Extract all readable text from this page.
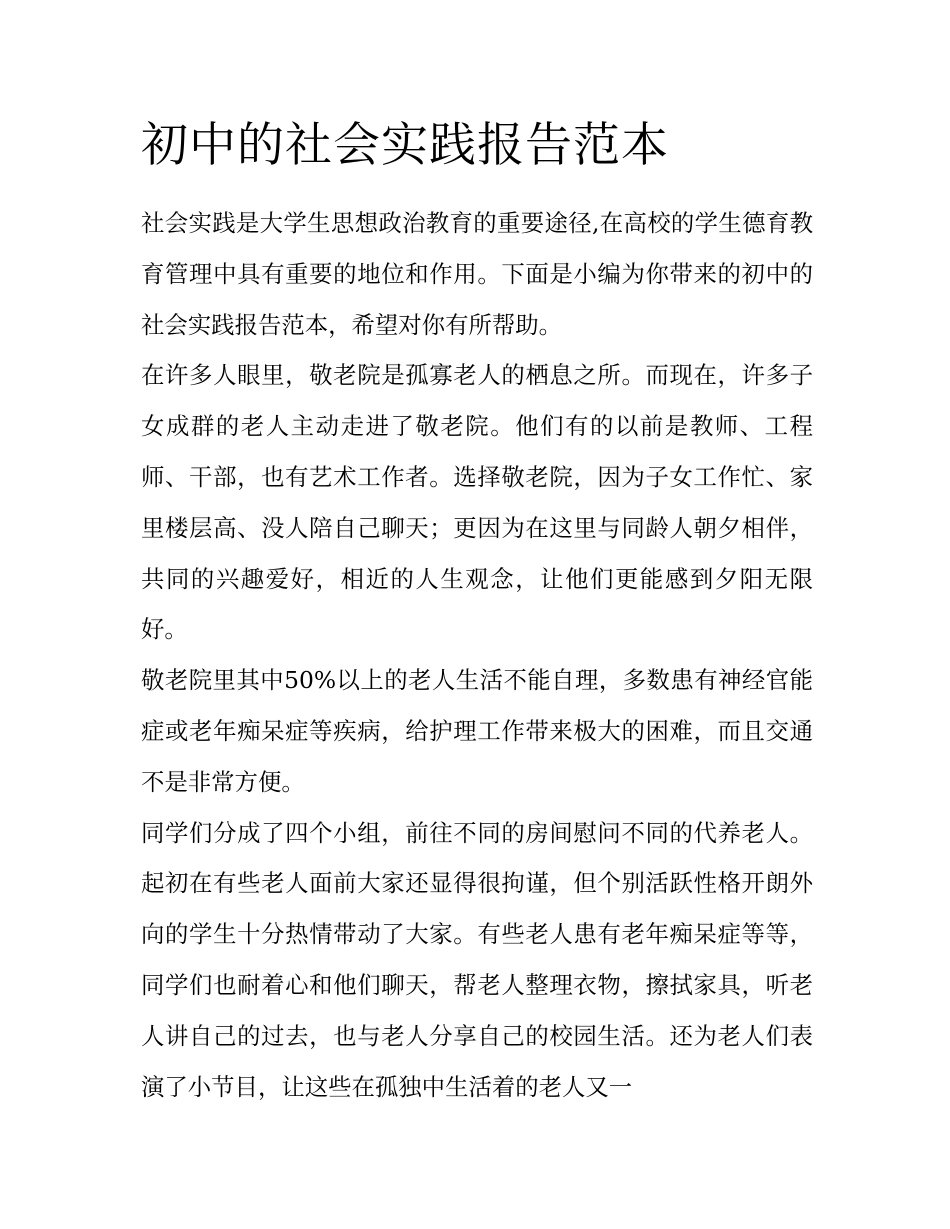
初中的社会实践报告范本

社会实践是大学生思想政治教育的重要途径,在高校的学生德育教育管理中具有重要的地位和作用。下面是小编为你带来的初中的社会实践报告范本，希望对你有所帮助。

在许多人眼里，敬老院是孤寡老人的栖息之所。而现在，许多子女成群的老人主动走进了敬老院。他们有的以前是教师、工程师、干部，也有艺术工作者。选择敬老院，因为子女工作忙、家里楼层高、没人陪自己聊天；更因为在这里与同龄人朝夕相伴，共同的兴趣爱好，相近的人生观念，让他们更能感到夕阳无限好。

敬老院里其中50%以上的老人生活不能自理，多数患有神经官能症或老年痴呆症等疾病，给护理工作带来极大的困难，而且交通不是非常方便。

同学们分成了四个小组，前往不同的房间慰问不同的代养老人。起初在有些老人面前大家还显得很拘谨，但个别活跃性格开朗外向的学生十分热情带动了大家。有些老人患有老年痴呆症等等，同学们也耐着心和他们聊天，帮老人整理衣物，擦拭家具，听老人讲自己的过去，也与老人分享自己的校园生活。还为老人们表演了小节目，让这些在孤独中生活着的老人又一
